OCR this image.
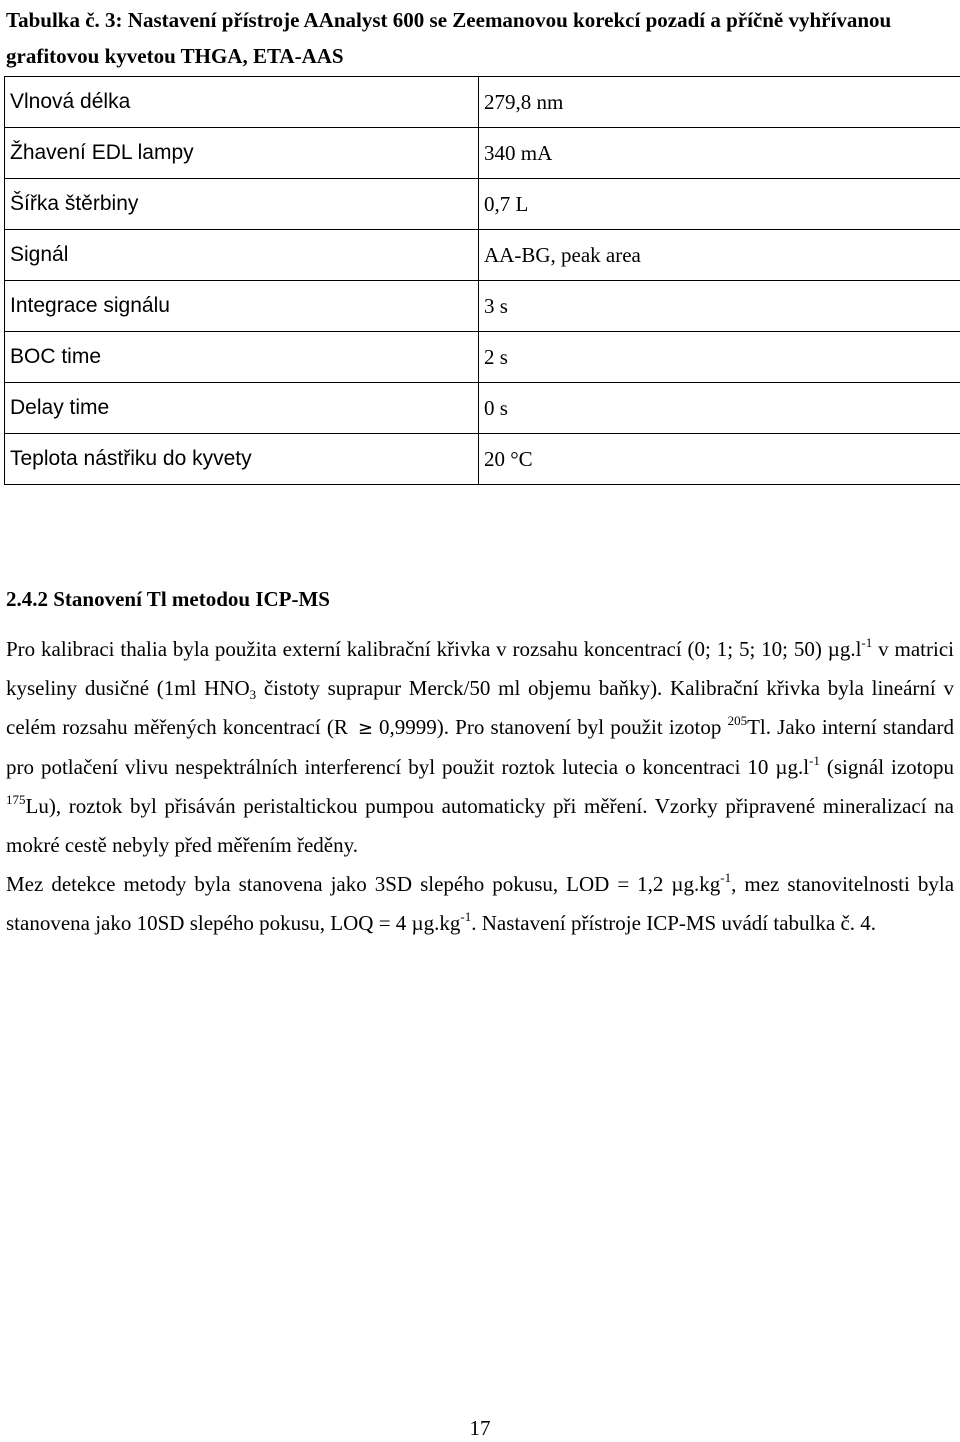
Tabulka č. 3: Nastavení přístroje AAnalyst 600 se Zeemanovou korekcí pozadí a příčně vyhřívanou grafitovou kyvetou THGA, ETA-AAS
Vlnová délka	279,8 nm
Žhavení EDL lampy	340 mA
Šířka štěrbiny	0,7 L
Signál	AA-BG, peak area
Integrace signálu	3 s
BOC time	2 s
Delay time	0 s
Teplota nástřiku do kyvety	20 °C
2.4.2 Stanovení Tl metodou ICP-MS

Pro kalibraci thalia byla použita externí kalibrační křivka v rozsahu koncentrací (0; 1; 5; 10; 50) $\mu g.l^{-1}$ v matrici kyseliny dusičné (1ml $HNO_3$ čistoty suprapur Merck/50 ml objemu baňky). Kalibrační křivka byla lineární v celém rozsahu měřených koncentrací (R ≥ 0,9999). Pro stanovení byl použit izotop $^{205}$Tl. Jako interní standard pro potlačení vlivu nespektrálních interferencí byl použit roztok lutecia o koncentraci 10 $\mu g.l^{-1}$ (signál izotopu $^{175}$Lu), roztok byl přisáván peristaltickou pumpou automaticky při měření. Vzorky připravené mineralizací na mokré cestě nebyly před měřením ředěny.

Mez detekce metody byla stanovena jako 3SD slepého pokusu, LOD = 1,2 $\mu g.kg^{-1}$, mez stanovitelnosti byla stanovena jako 10SD slepého pokusu, LOQ = 4 $\mu g.kg^{-1}$. Nastavení přístroje ICP-MS uvádí tabulka č. 4.

17
